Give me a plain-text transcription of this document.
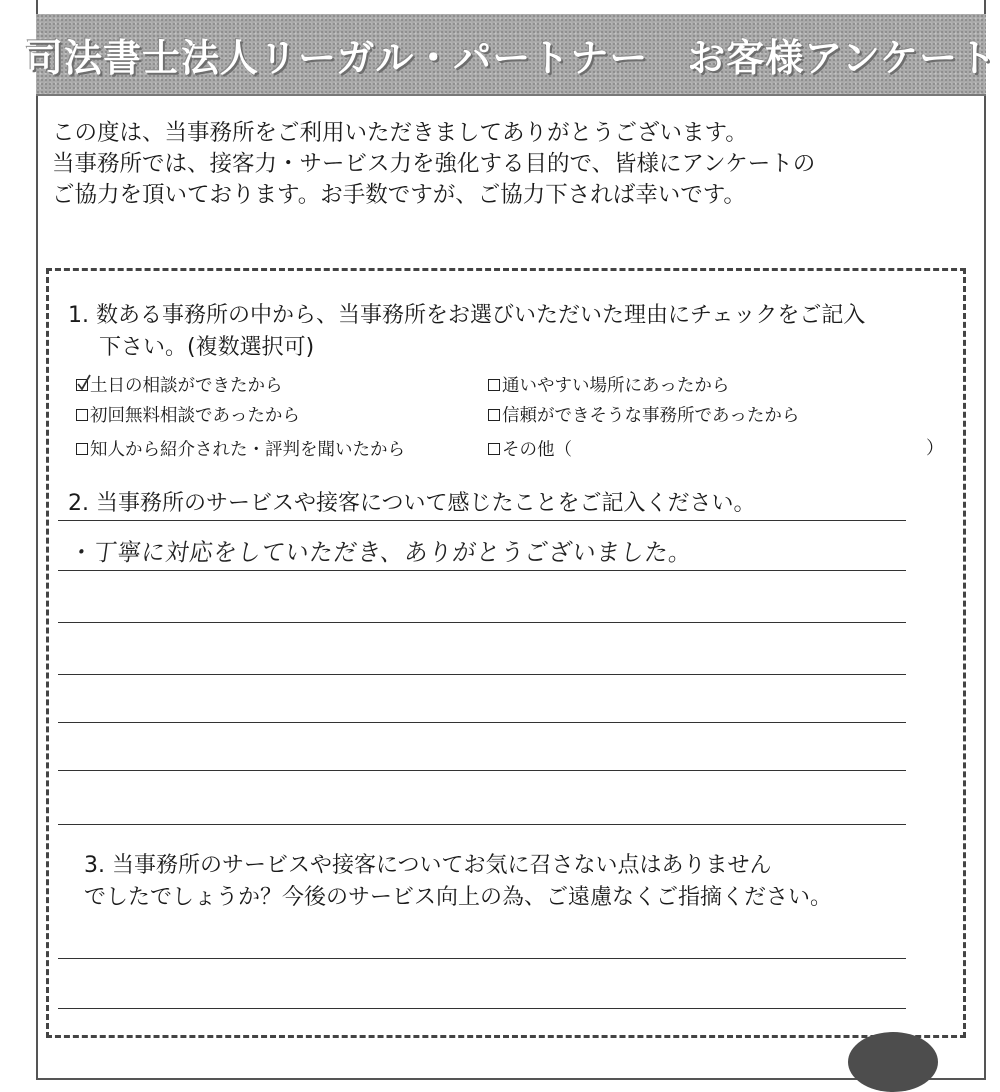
司法書士法人リーガル・パートナー　お客様アンケート
この度は、当事務所をご利用いただきましてありがとうございます。
当事務所では、接客力・サービス力を強化する目的で、皆様にアンケートの
ご協力を頂いております。お手数ですが、ご協力下されば幸いです。
1. 数ある事務所の中から、当事務所をお選びいただいた理由にチェックをご記入
下さい。(複数選択可)
土日の相談ができたから	通いやすい場所にあったから
初回無料相談であったから	信頼ができそうな事務所であったから
知人から紹介された・評判を聞いたから	その他（	）
2. 当事務所のサービスや接客について感じたことをご記入ください。
・丁寧に対応をしていただき、ありがとうございました。
3. 当事務所のサービスや接客についてお気に召さない点はありません
でしたでしょうか？今後のサービス向上の為、ご遠慮なくご指摘ください。
